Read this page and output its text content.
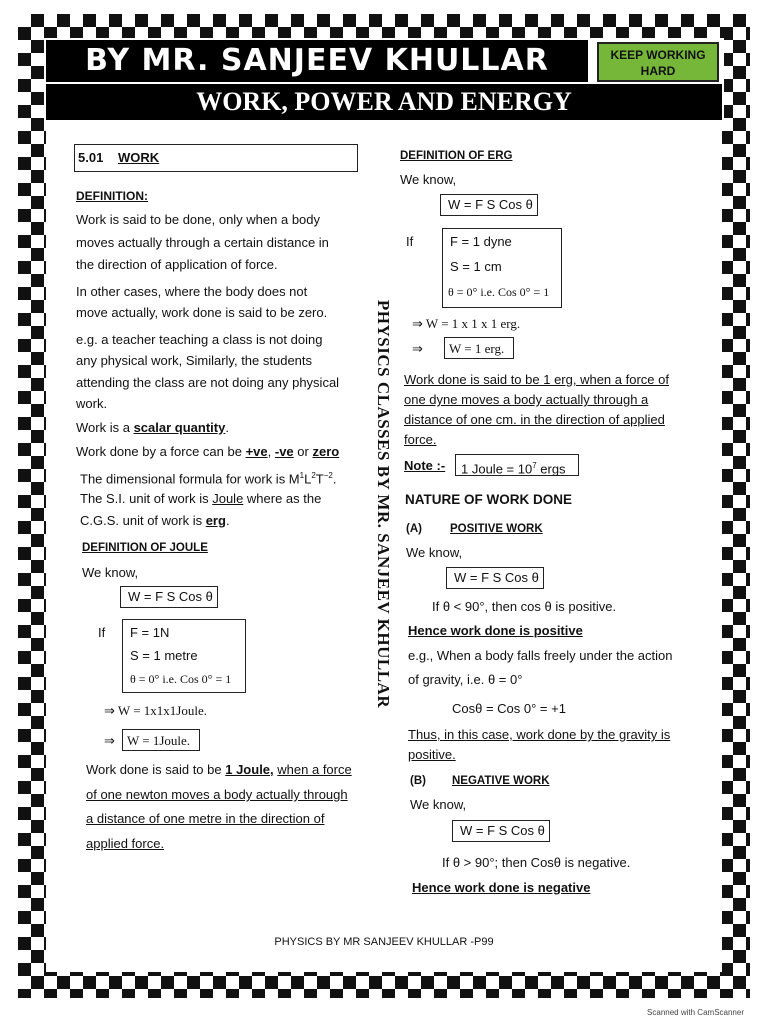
BY MR. SANJEEV KHULLAR	KEEP WORKING
HARD
WORK, POWER AND ENERGY
5.01 WORK
DEFINITION:
Work is said to be done, only when a body
moves actually through a certain distance in
the direction of application of force.
In other cases, where the body does not
move actually, work done is said to be zero.
e.g. a teacher teaching a class is not doing
any physical work, Similarly, the students
attending the class are not doing any physical
work.
Work is a scalar quantity.
Work done by a force can be +ve, -ve or zero
The dimensional formula for work is $M^1L^2T^{-2}$.
The S.I. unit of work is Joule where as the
C.G.S. unit of work is erg.
DEFINITION OF JOULE
We know,
W = F S Cos θ
If F = 1N
S = 1 metre
θ = 0° i.e. Cos 0° = 1
⇒ W = 1x1x1Joule.
⇒ W = 1Joule.
Work done is said to be 1 Joule, when a force
of one newton moves a body actually through
a distance of one metre in the direction of
applied force.
PHYSICS CLASSES BY MR. SANJEEV KHULLAR
DEFINITION OF ERG
We know,
W = F S Cos θ
If	F = 1 dyne
S = 1 cm
θ = 0° i.e. Cos 0° = 1
⇒ W = 1 x 1 x 1 erg.
⇒ W = 1 erg.
Work done is said to be 1 erg, when a force of
one dyne moves a body actually through a
distance of one cm. in the direction of applied
force.
Note :- 1 Joule = $10^7$ ergs
NATURE OF WORK DONE
(A) POSITIVE WORK
We know,
W = F S Cos θ
If θ < 90°, then cos θ is positive.
Hence work done is positive
e.g., When a body falls freely under the action
of gravity, i.e. θ = 0°
Cosθ = Cos 0° = +1
Thus, in this case, work done by the gravity is
positive.
(B) NEGATIVE WORK
We know,
W = F S Cos θ
If θ > 90°; then Cosθ is negative.
Hence work done is negative
PHYSICS BY MR SANJEEV KHULLAR -P99
Scanned with CamScanner
